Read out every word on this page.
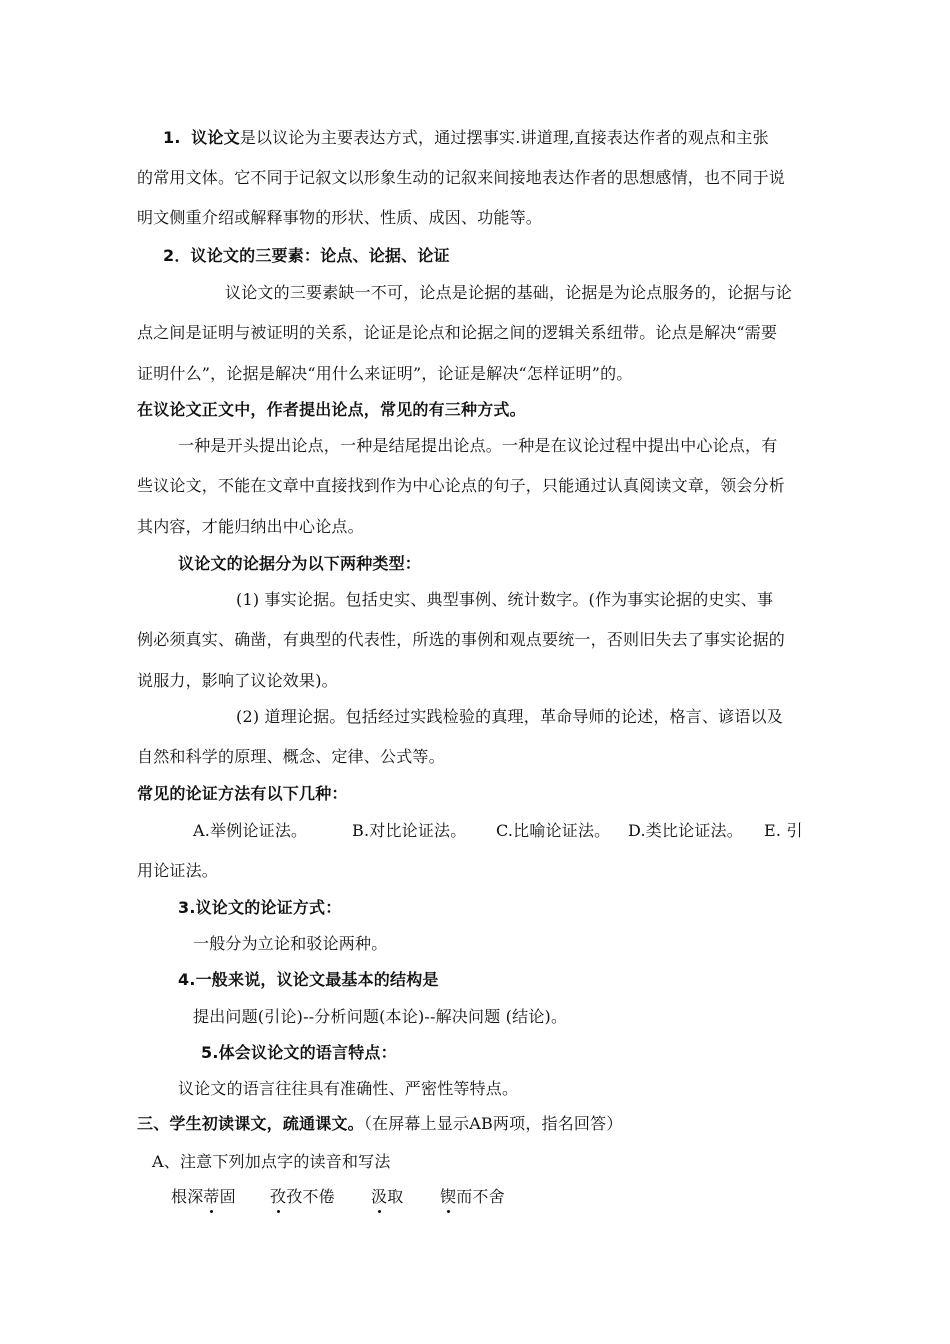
1. 议论文是以议论为主要表达方式，通过摆事实.讲道理,直接表达作者的观点和主张
的常用文体。它不同于记叙文以形象生动的记叙来间接地表达作者的思想感情，也不同于说
明文侧重介绍或解释事物的形状、性质、成因、功能等。
2．议论文的三要素：论点、论据、论证
议论文的三要素缺一不可，论点是论据的基础，论据是为论点服务的，论据与论
点之间是证明与被证明的关系，论证是论点和论据之间的逻辑关系纽带。论点是解决“需要
证明什么”，论据是解决“用什么来证明”，论证是解决“怎样证明”的。
在议论文正文中，作者提出论点，常见的有三种方式。
一种是开头提出论点，一种是结尾提出论点。一种是在议论过程中提出中心论点，有
些议论文，不能在文章中直接找到作为中心论点的句子，只能通过认真阅读文章，领会分析
其内容，才能归纳出中心论点。
议论文的论据分为以下两种类型：
(1) 事实论据。包括史实、典型事例、统计数字。(作为事实论据的史实、事
例必须真实、确凿，有典型的代表性，所选的事例和观点要统一，否则旧失去了事实论据的
说服力，影响了议论效果)。
(2) 道理论据。包括经过实践检验的真理，革命导师的论述，格言、谚语以及
自然和科学的原理、概念、定律、公式等。
常见的论证方法有以下几种：
A.举例论证法。	B.对比论证法。 C.比喻论证法。 D.类比论证法。 E. 引
用论证法。
3.议论文的论证方式：
一般分为立论和驳论两种。
4.一般来说，议论文最基本的结构是
提出问题(引论)--分析问题(本论)--解决问题 (结论)。
5.体会议论文的语言特点：
议论文的语言往往具有准确性、严密性等特点。
三、学生初读课文，疏通课文。（在屏幕上显示AB两项，指名回答）
A、注意下列加点字的读音和写法
根深蒂固 孜孜不倦 汲取 锲而不舍
